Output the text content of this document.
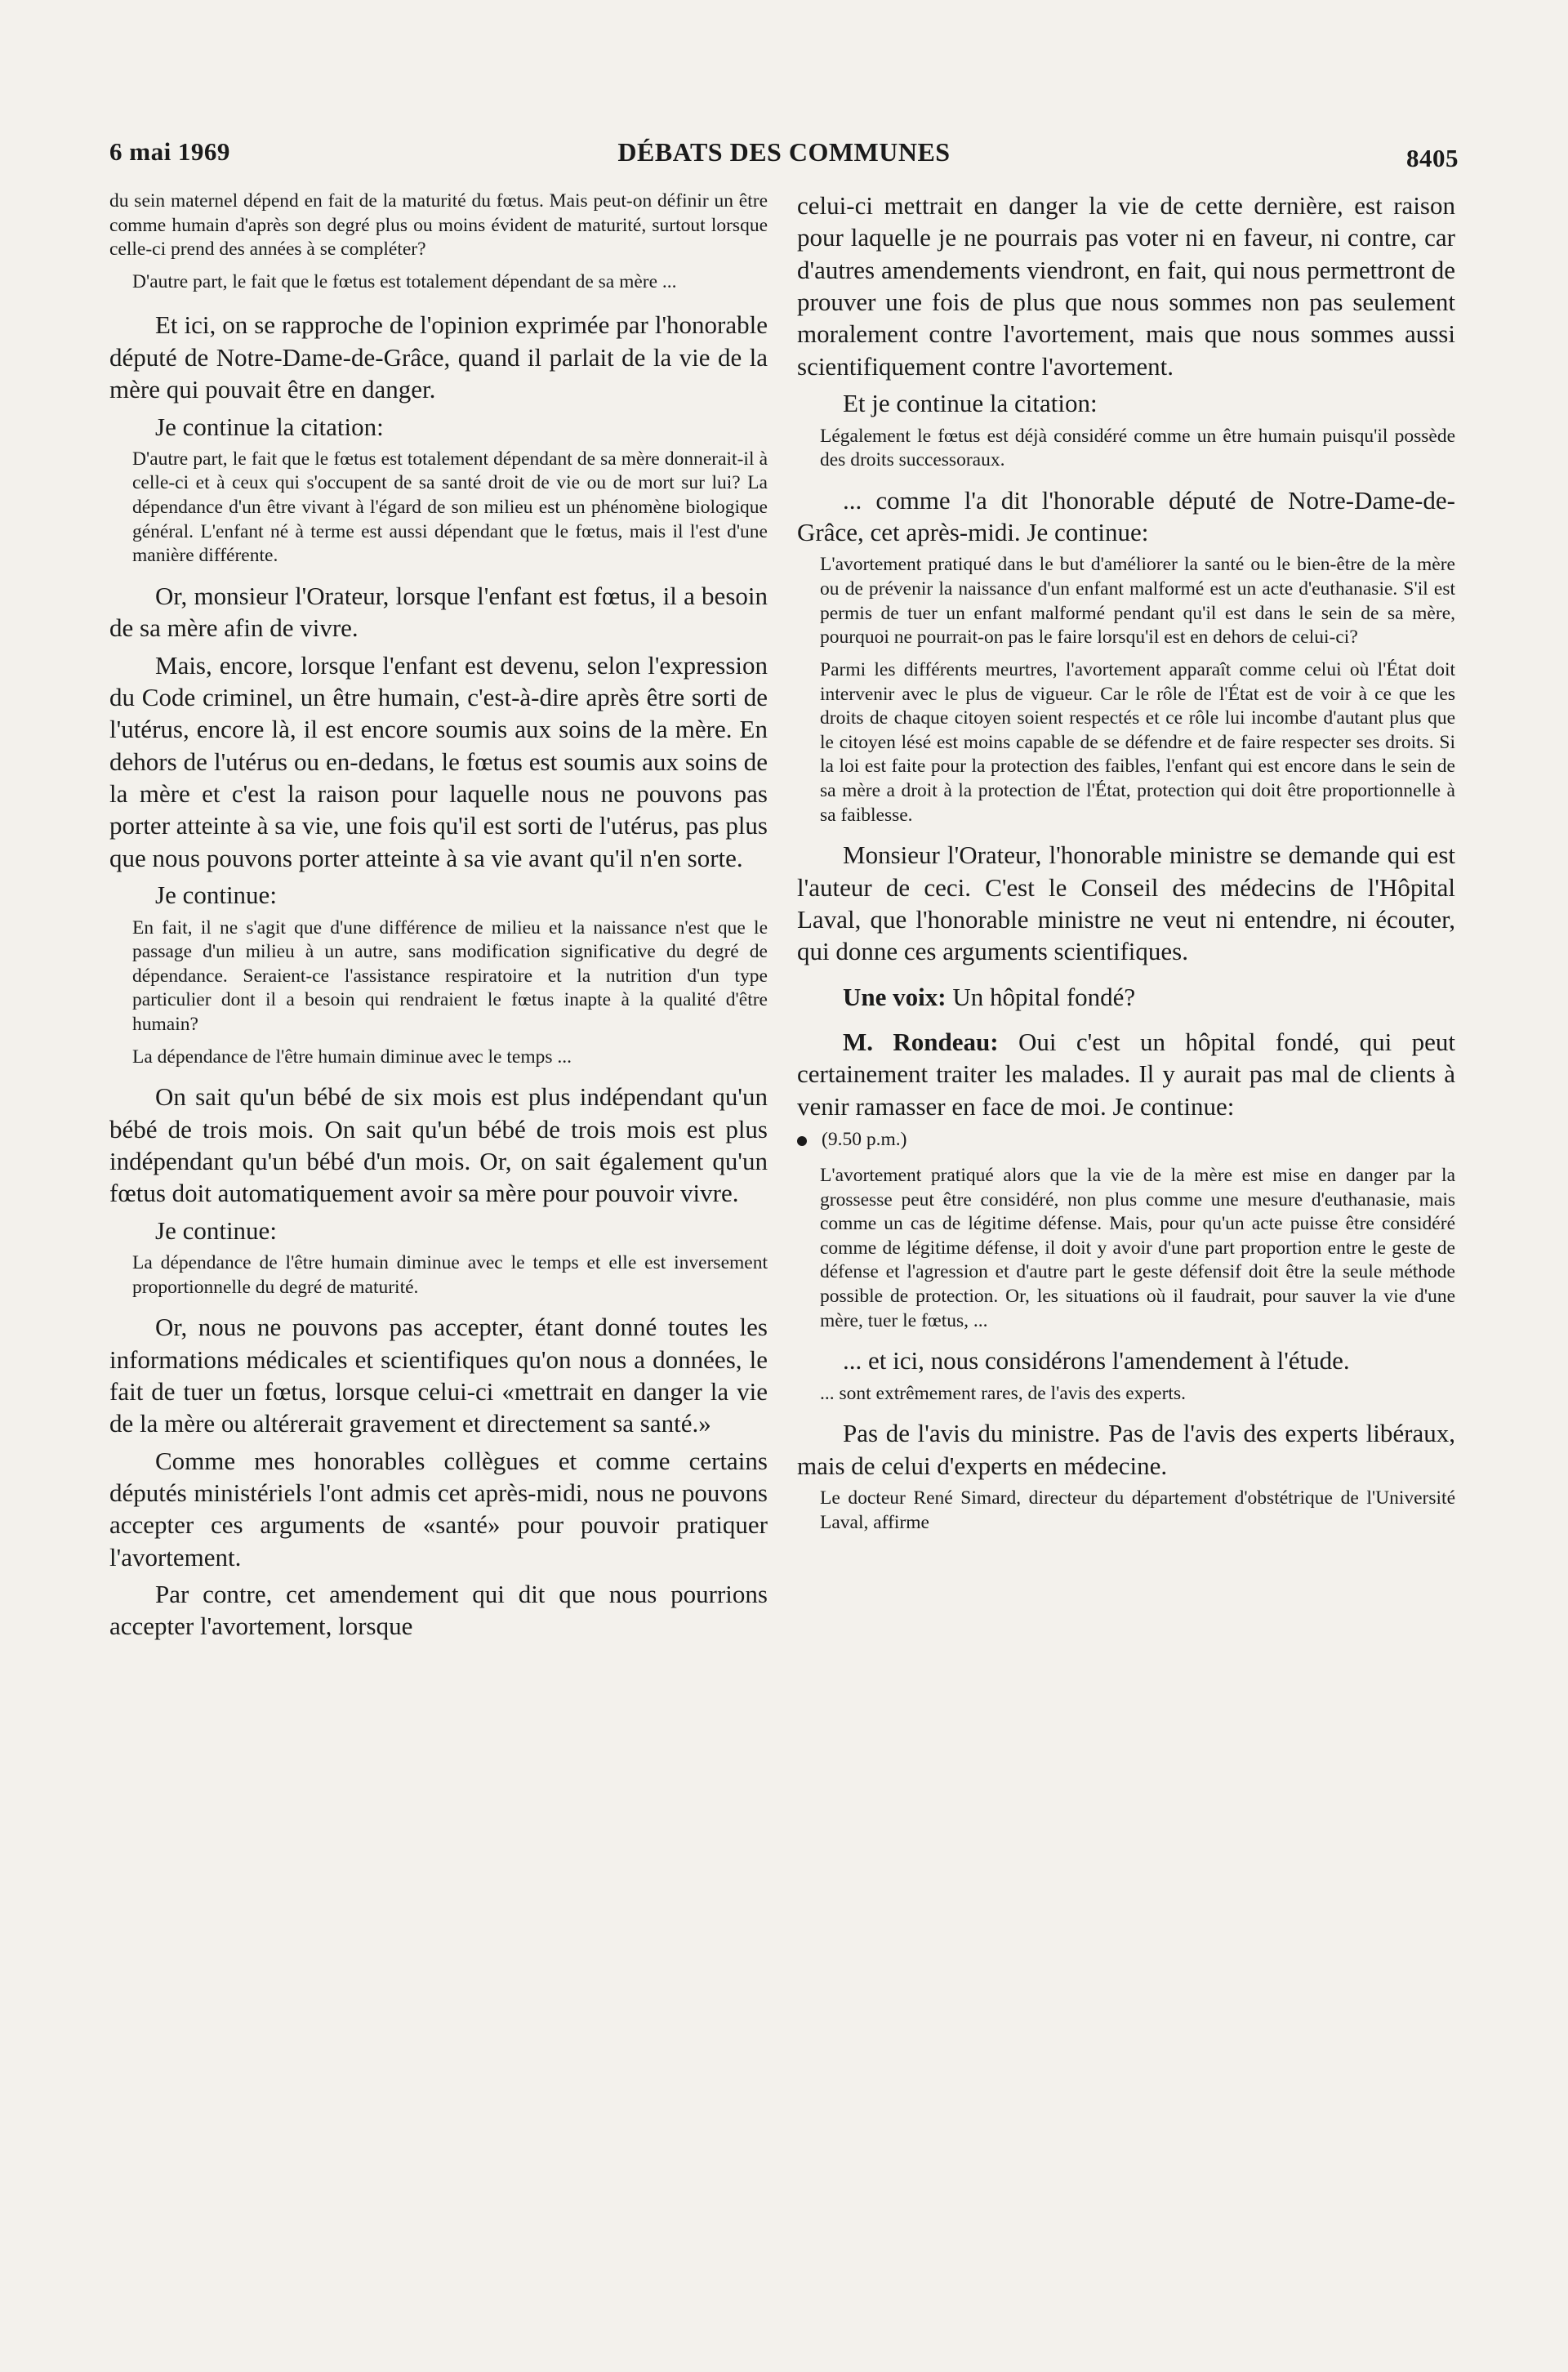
6 mai 1969	DÉBATS DES COMMUNES	8405

du sein maternel dépend en fait de la maturité du fœtus. Mais peut-on définir un être comme humain d'après son degré plus ou moins évident de maturité, surtout lorsque celle-ci prend des années à se compléter?

D'autre part, le fait que le fœtus est totalement dépendant de sa mère ...

Et ici, on se rapproche de l'opinion exprimée par l'honorable député de Notre-Dame-de-Grâce, quand il parlait de la vie de la mère qui pouvait être en danger.

Je continue la citation:

D'autre part, le fait que le fœtus est totalement dépendant de sa mère donnerait-il à celle-ci et à ceux qui s'occupent de sa santé droit de vie ou de mort sur lui? La dépendance d'un être vivant à l'égard de son milieu est un phénomène biologique général. L'enfant né à terme est aussi dépendant que le fœtus, mais il l'est d'une manière différente.

Or, monsieur l'Orateur, lorsque l'enfant est fœtus, il a besoin de sa mère afin de vivre.

Mais, encore, lorsque l'enfant est devenu, selon l'expression du Code criminel, un être humain, c'est-à-dire après être sorti de l'utérus, encore là, il est encore soumis aux soins de la mère. En dehors de l'utérus ou en-dedans, le fœtus est soumis aux soins de la mère et c'est la raison pour laquelle nous ne pouvons pas porter atteinte à sa vie, une fois qu'il est sorti de l'utérus, pas plus que nous pouvons porter atteinte à sa vie avant qu'il n'en sorte.

Je continue:

En fait, il ne s'agit que d'une différence de milieu et la naissance n'est que le passage d'un milieu à un autre, sans modification significative du degré de dépendance. Seraient-ce l'assistance respiratoire et la nutrition d'un type particulier dont il a besoin qui rendraient le fœtus inapte à la qualité d'être humain?

La dépendance de l'être humain diminue avec le temps ...

On sait qu'un bébé de six mois est plus indépendant qu'un bébé de trois mois. On sait qu'un bébé de trois mois est plus indépendant qu'un bébé d'un mois. Or, on sait également qu'un fœtus doit automatiquement avoir sa mère pour pouvoir vivre.

Je continue:

La dépendance de l'être humain diminue avec le temps et elle est inversement proportionnelle du degré de maturité.

Or, nous ne pouvons pas accepter, étant donné toutes les informations médicales et scientifiques qu'on nous a données, le fait de tuer un fœtus, lorsque celui-ci «mettrait en danger la vie de la mère ou altérerait gravement et directement sa santé.»

Comme mes honorables collègues et comme certains députés ministériels l'ont admis cet après-midi, nous ne pouvons accepter ces arguments de «santé» pour pouvoir pratiquer l'avortement.

Par contre, cet amendement qui dit que nous pourrions accepter l'avortement, lorsque

celui-ci mettrait en danger la vie de cette dernière, est raison pour laquelle je ne pourrais pas voter ni en faveur, ni contre, car d'autres amendements viendront, en fait, qui nous permettront de prouver une fois de plus que nous sommes non pas seulement moralement contre l'avortement, mais que nous sommes aussi scientifiquement contre l'avortement.

Et je continue la citation:

Légalement le fœtus est déjà considéré comme un être humain puisqu'il possède des droits successoraux.

... comme l'a dit l'honorable député de Notre-Dame-de-Grâce, cet après-midi. Je continue:

L'avortement pratiqué dans le but d'améliorer la santé ou le bien-être de la mère ou de prévenir la naissance d'un enfant malformé est un acte d'euthanasie. S'il est permis de tuer un enfant malformé pendant qu'il est dans le sein de sa mère, pourquoi ne pourrait-on pas le faire lorsqu'il est en dehors de celui-ci?

Parmi les différents meurtres, l'avortement apparaît comme celui où l'État doit intervenir avec le plus de vigueur. Car le rôle de l'État est de voir à ce que les droits de chaque citoyen soient respectés et ce rôle lui incombe d'autant plus que le citoyen lésé est moins capable de se défendre et de faire respecter ses droits. Si la loi est faite pour la protection des faibles, l'enfant qui est encore dans le sein de sa mère a droit à la protection de l'État, protection qui doit être proportionnelle à sa faiblesse.

Monsieur l'Orateur, l'honorable ministre se demande qui est l'auteur de ceci. C'est le Conseil des médecins de l'Hôpital Laval, que l'honorable ministre ne veut ni entendre, ni écouter, qui donne ces arguments scientifiques.

Une voix: Un hôpital fondé?

M. Rondeau: Oui c'est un hôpital fondé, qui peut certainement traiter les malades. Il y aurait pas mal de clients à venir ramasser en face de moi. Je continue:

(9.50 p.m.)

L'avortement pratiqué alors que la vie de la mère est mise en danger par la grossesse peut être considéré, non plus comme une mesure d'euthanasie, mais comme un cas de légitime défense. Mais, pour qu'un acte puisse être considéré comme de légitime défense, il doit y avoir d'une part proportion entre le geste de défense et l'agression et d'autre part le geste défensif doit être la seule méthode possible de protection. Or, les situations où il faudrait, pour sauver la vie d'une mère, tuer le fœtus, ...

... et ici, nous considérons l'amendement à l'étude.

... sont extrêmement rares, de l'avis des experts.

Pas de l'avis du ministre. Pas de l'avis des experts libéraux, mais de celui d'experts en médecine.

Le docteur René Simard, directeur du département d'obstétrique de l'Université Laval, affirme
